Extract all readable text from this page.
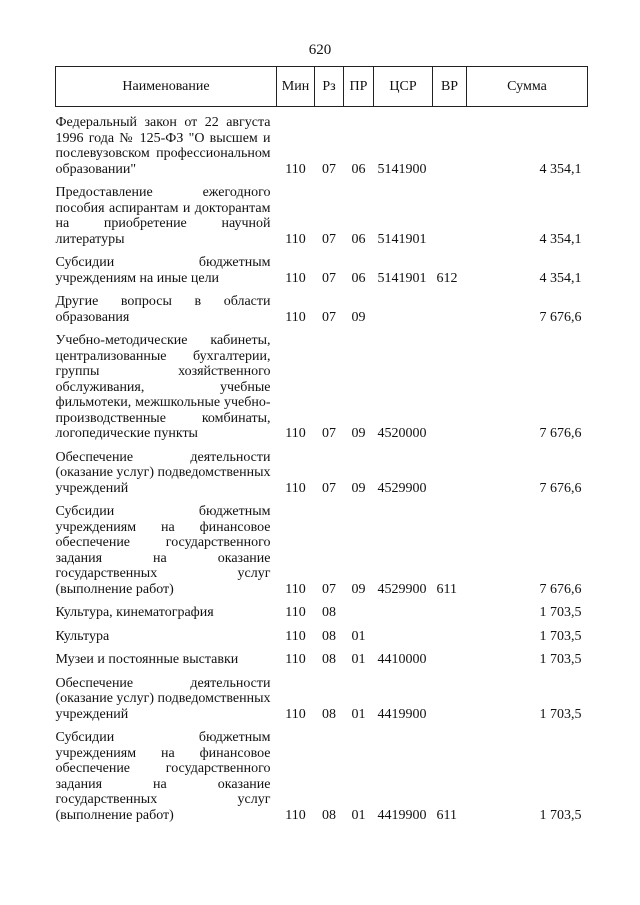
620
Наименование	Мин	Рз	ПР	ЦСР	ВР	Сумма

Федеральный закон от 22 августа 1996 года № 125-ФЗ "О высшем и послевузовском профессиональном образовании"	110	07	06	5141900		4 354,1

Предоставление ежегодного пособия аспирантам и докторантам на приобретение научной литературы	110	07	06	5141901		4 354,1

Субсидии бюджетным учреждениям на иные цели	110	07	06	5141901	612	4 354,1

Другие вопросы в области образования	110	07	09			7 676,6

Учебно-методические кабинеты, централизованные бухгалтерии, группы хозяйственного обслуживания, учебные фильмотеки, межшкольные учебно-производственные комбинаты, логопедические пункты	110	07	09	4520000		7 676,6

Обеспечение деятельности (оказание услуг) подведомственных учреждений	110	07	09	4529900		7 676,6

Субсидии бюджетным учреждениям на финансовое обеспечение государственного задания на оказание государственных услуг (выполнение работ)	110	07	09	4529900	611	7 676,6

Культура, кинематография	110	08				1 703,5

Культура	110	08	01			1 703,5

Музеи и постоянные выставки	110	08	01	4410000		1 703,5

Обеспечение деятельности (оказание услуг) подведомственных учреждений	110	08	01	4419900		1 703,5

Субсидии бюджетным учреждениям на финансовое обеспечение государственного задания на оказание государственных услуг (выполнение работ)	110	08	01	4419900	611	1 703,5
